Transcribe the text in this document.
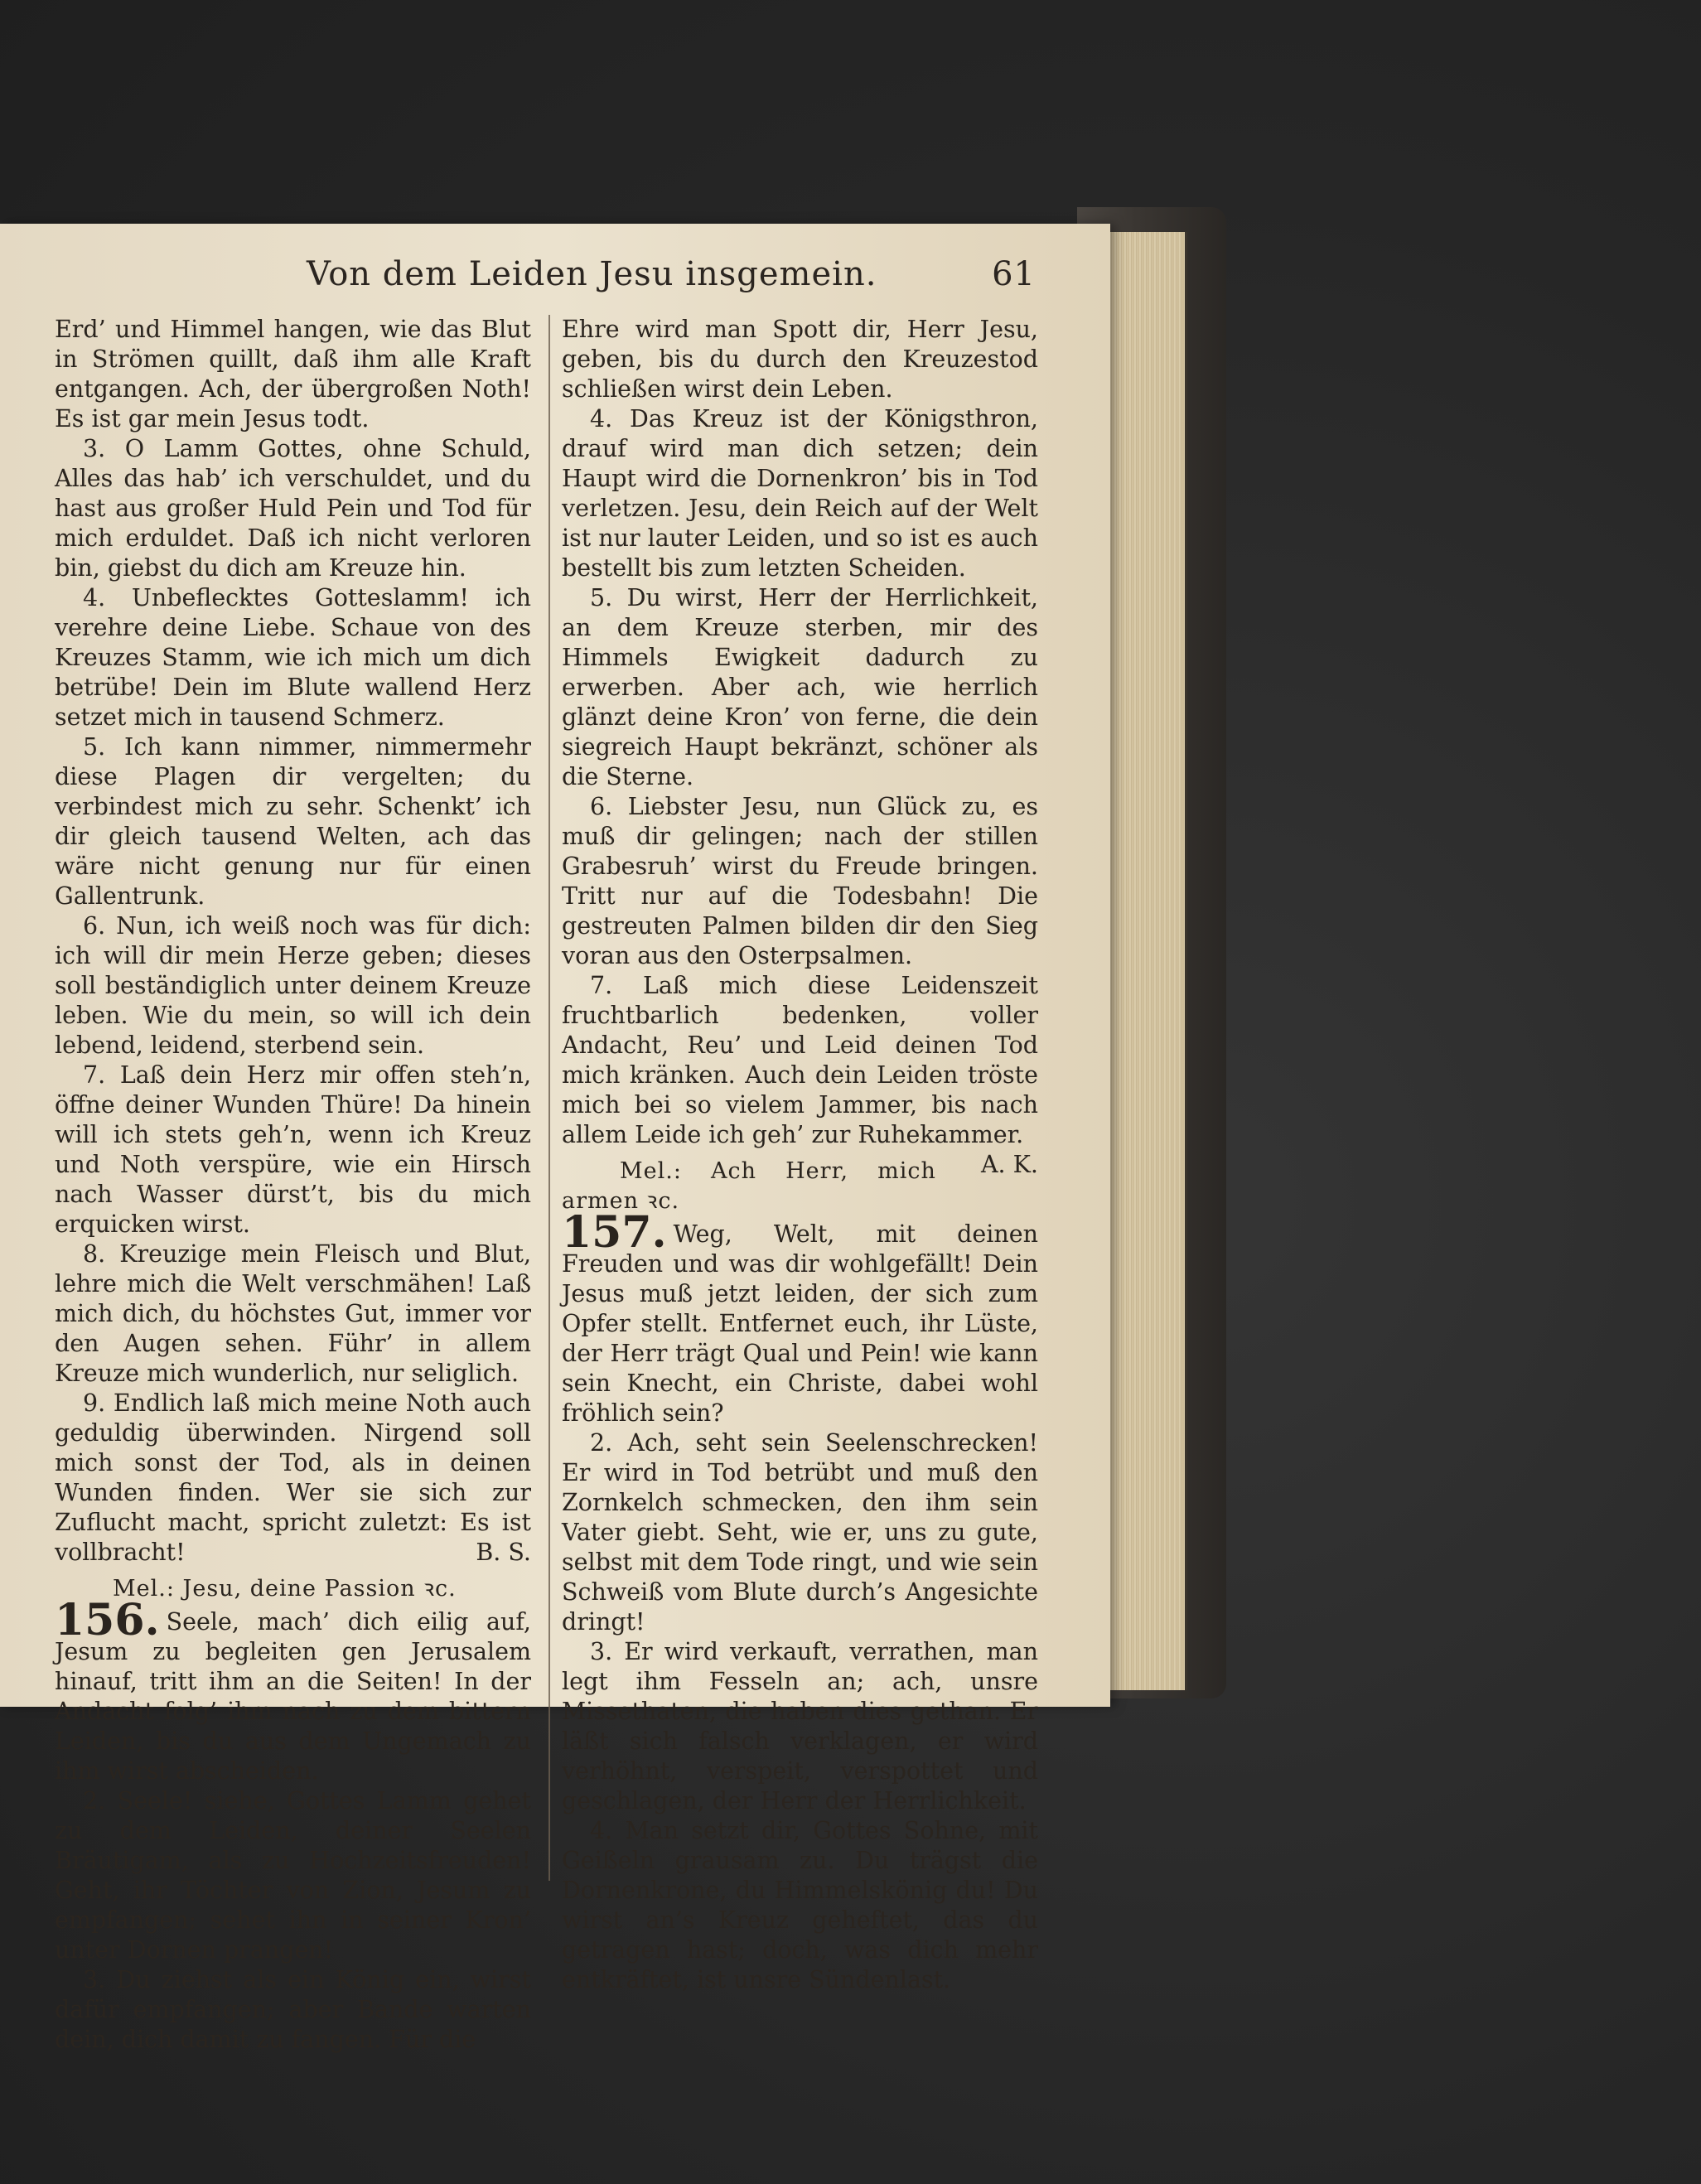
Von dem Leiden Jesu insgemein.	61

Erd’ und Himmel hangen, wie das Blut in Strömen quillt, daß ihm alle Kraft entgangen. Ach, der übergroßen Noth! Es ist gar mein Jesus todt.

3. O Lamm Gottes, ohne Schuld, Alles das hab’ ich verschuldet, und du hast aus großer Huld Pein und Tod für mich erduldet. Daß ich nicht verloren bin, giebst du dich am Kreuze hin.

4. Unbeflecktes Gotteslamm! ich verehre deine Liebe. Schaue von des Kreuzes Stamm, wie ich mich um dich betrübe! Dein im Blute wallend Herz setzet mich in tausend Schmerz.

5. Ich kann nimmer, nimmermehr diese Plagen dir vergelten; du verbindest mich zu sehr. Schenkt’ ich dir gleich tausend Welten, ach das wäre nicht genung nur für einen Gallentrunk.

6. Nun, ich weiß noch was für dich: ich will dir mein Herze geben; dieses soll beständiglich unter deinem Kreuze leben. Wie du mein, so will ich dein lebend, leidend, sterbend sein.

7. Laß dein Herz mir offen steh’n, öffne deiner Wunden Thüre! Da hinein will ich stets geh’n, wenn ich Kreuz und Noth verspüre, wie ein Hirsch nach Wasser dürst’t, bis du mich erquicken wirst.

8. Kreuzige mein Fleisch und Blut, lehre mich die Welt verschmähen! Laß mich dich, du höchstes Gut, immer vor den Augen sehen. Führ’ in allem Kreuze mich wunderlich, nur seliglich.

9. Endlich laß mich meine Noth auch geduldig überwinden. Nirgend soll mich sonst der Tod, als in deinen Wunden finden. Wer sie sich zur Zuflucht macht, spricht zuletzt: Es ist vollbracht!	B. S.

Mel.: Jesu, deine Passion ꝛc.

156. Seele, mach’ dich eilig auf, Jesum zu begleiten gen Jerusalem hinauf, tritt ihm an die Seiten! In der Andacht folg’ ihm nach zu dem bittern Leiden, bis du aus dem Ungemach zu ihm wirst abscheiden.

2. Seele! siehe, Gottes Lamm gehet zu dem Leiden, deiner Seelen Bräutigam, als zu Hochzeitsfreuden! Geht, ihr Töchter von Zion, Jesum zu empfangen; sehet ihn in seiner Kron’ unter Dornen prangen!

3. Du ziehst als ein König ein, wirst dafür empfangen; aber Bande warten dein, dich damit zu fangen. Für die

Ehre wird man Spott dir, Herr Jesu, geben, bis du durch den Kreuzestod schließen wirst dein Leben.

4. Das Kreuz ist der Königsthron, drauf wird man dich setzen; dein Haupt wird die Dornenkron’ bis in Tod verletzen. Jesu, dein Reich auf der Welt ist nur lauter Leiden, und so ist es auch bestellt bis zum letzten Scheiden.

5. Du wirst, Herr der Herrlichkeit, an dem Kreuze sterben, mir des Himmels Ewigkeit dadurch zu erwerben. Aber ach, wie herrlich glänzt deine Kron’ von ferne, die dein siegreich Haupt bekränzt, schöner als die Sterne.

6. Liebster Jesu, nun Glück zu, es muß dir gelingen; nach der stillen Grabesruh’ wirst du Freude bringen. Tritt nur auf die Todesbahn! Die gestreuten Palmen bilden dir den Sieg voran aus den Osterpsalmen.

7. Laß mich diese Leidenszeit fruchtbarlich bedenken, voller Andacht, Reu’ und Leid deinen Tod mich kränken. Auch dein Leiden tröste mich bei so vielem Jammer, bis nach allem Leide ich geh’ zur Ruhekammer.
A. K.

Mel.: Ach Herr, mich armen ꝛc.

157. Weg, Welt, mit deinen Freuden und was dir wohlgefällt! Dein Jesus muß jetzt leiden, der sich zum Opfer stellt. Entfernet euch, ihr Lüste, der Herr trägt Qual und Pein! wie kann sein Knecht, ein Christe, dabei wohl fröhlich sein?

2. Ach, seht sein Seelenschrecken! Er wird in Tod betrübt und muß den Zornkelch schmecken, den ihm sein Vater giebt. Seht, wie er, uns zu gute, selbst mit dem Tode ringt, und wie sein Schweiß vom Blute durch’s Angesichte dringt!

3. Er wird verkauft, verrathen, man legt ihm Fesseln an; ach, unsre Missethaten, die haben dies gethan. Er läßt sich falsch verklagen, er wird verhöhnt, verspeit, verspottet und geschlagen, der Herr der Herrlichkeit.

4. Man setzt dir, Gottes Sohne, mit Geißeln grausam zu. Du trägst die Dornenkrone, du Himmelskönig du! Du wirst an’s Kreuz geheftet, das du getragen hast; doch, was dich mehr entkräftet, ist unsre Sündenlast.
